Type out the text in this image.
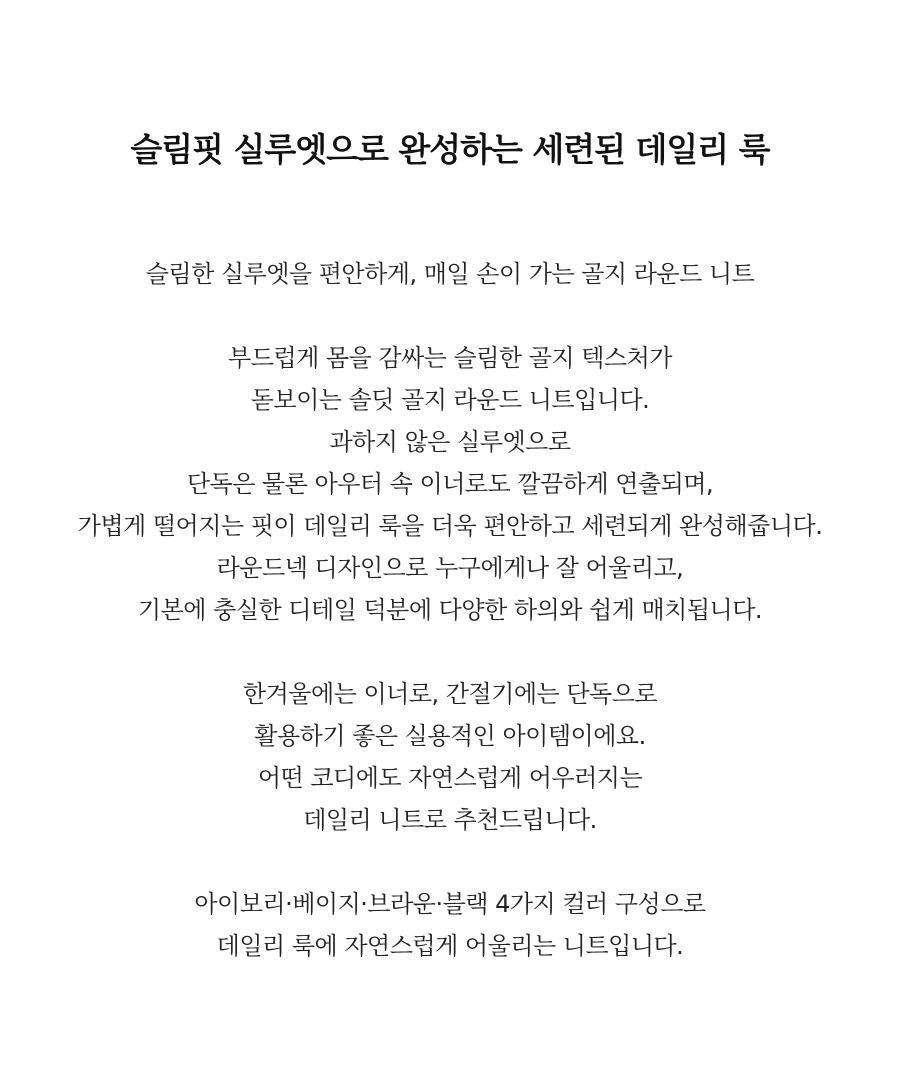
슬림핏 실루엣으로 완성하는 세련된 데일리 룩

슬림한 실루엣을 편안하게, 매일 손이 가는 골지 라운드 니트

부드럽게 몸을 감싸는 슬림한 골지 텍스처가
돋보이는 솔딧 골지 라운드 니트입니다.
과하지 않은 실루엣으로
단독은 물론 아우터 속 이너로도 깔끔하게 연출되며,
가볍게 떨어지는 핏이 데일리 룩을 더욱 편안하고 세련되게 완성해줍니다.
라운드넥 디자인으로 누구에게나 잘 어울리고,
기본에 충실한 디테일 덕분에 다양한 하의와 쉽게 매치됩니다.

한겨울에는 이너로, 간절기에는 단독으로
활용하기 좋은 실용적인 아이템이에요.
어떤 코디에도 자연스럽게 어우러지는
데일리 니트로 추천드립니다.

아이보리·베이지·브라운·블랙 4가지 컬러 구성으로
데일리 룩에 자연스럽게 어울리는 니트입니다.
